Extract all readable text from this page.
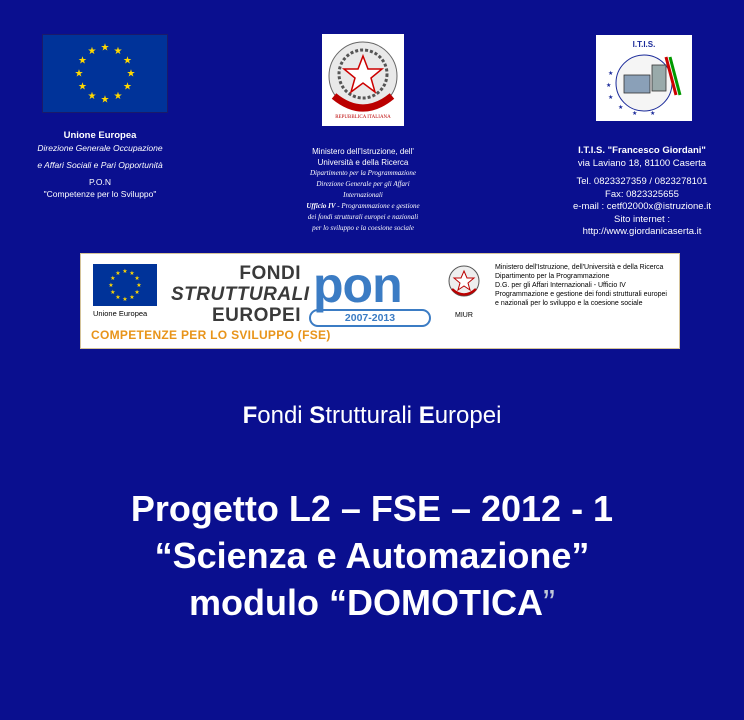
★ ★
★
★
★
★
★
★
★
★
★
★
REPUBBLICA ITALIANA
I.T.I.S.
★
★
★
★
★ ★
Unione Europea
Direzione Generale Occupazione
e Affari Sociali e Pari Opportunità
P.O.N
"Competenze per lo Sviluppo"
Ministero dell'Istruzione, dell'
Università e della Ricerca
Dipartimento per la Programmazione
Direzione Generale per gli Affari
Internazionali
Ufficio IV - Programmazione e gestione
dei fondi strutturali europei e nazionali
per lo sviluppo e la coesione sociale
I.T.I.S. "Francesco Giordani"
via Laviano 18, 81100 Caserta
Tel. 0823327359 / 0823278101
Fax: 0823325655
e-mail : cetf02000x@istruzione.it
Sito internet :
http://www.giordanicaserta.it
★ ★
★
★
★
★
★
★
★
★
★
★
Unione Europea
FONDI
STRUTTURALI
EUROPEI
pon
2007-2013	MIUR
Ministero dell'Istruzione, dell'Università e della Ricerca
Dipartimento per la Programmazione
D.G. per gli Affari Internazionali - Ufficio IV
Programmazione e gestione dei fondi strutturali europei
e nazionali per lo sviluppo e la coesione sociale
COMPETENZE PER LO SVILUPPO (FSE)
Fondi Strutturali Europei
Progetto L2 – FSE – 2012 - 1
“Scienza e Automazione”
modulo “DOMOTICA”
